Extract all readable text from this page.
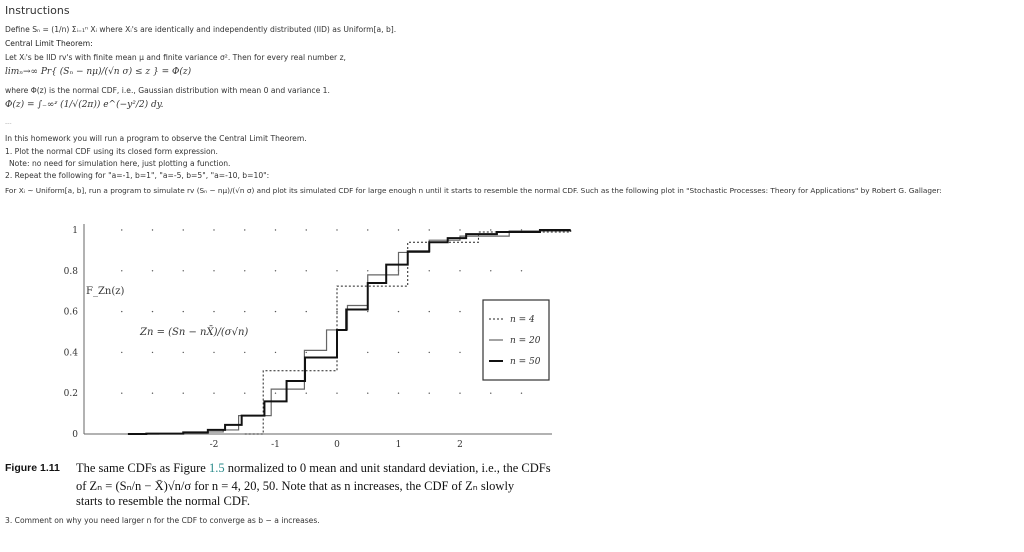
Instructions
Define Sₙ = (1/n) Σᵢ₌₁ⁿ Xᵢ where Xᵢ's are identically and independently distributed (IID) as Uniform[a, b].
Central Limit Theorem:
Let Xᵢ's be IID rv's with finite mean μ and finite variance σ². Then for every real number z,
limₙ→∞ Pr{ (Sₙ − nμ)/(√n σ) ≤ z } = Φ(z)
where Φ(z) is the normal CDF, i.e., Gaussian distribution with mean 0 and variance 1.
Φ(z) = ∫₋∞ᶻ (1/√(2π)) e^(−y²/2) dy.
---
In this homework you will run a program to observe the Central Limit Theorem.
1. Plot the normal CDF using its closed form expression.
Note: no need for simulation here, just plotting a function.
2. Repeat the following for "a=-1, b=1", "a=-5, b=5", "a=-10, b=10":
For Xᵢ ~ Uniform[a, b], run a program to simulate rv (Sₙ − nμ)/(√n σ) and plot its simulated CDF for large enough n until it starts to resemble the normal CDF. Such as the following plot in "Stochastic Processes: Theory for Applications" by Robert G. Gallager:
0
0.2
0.4
0.6
0.8
1
-2	-1	0	1	2
F_Zn(z)
Zn = (Sn − nX̄)/(σ√n)
n = 4
n = 20
n = 50
Figure 1.11 The same CDFs as Figure 1.5 normalized to 0 mean and unit standard deviation, i.e., the CDFs
of Zₙ = (Sₙ/n − X̄)√n/σ for n = 4, 20, 50. Note that as n increases, the CDF of Zₙ slowly
starts to resemble the normal CDF.
3. Comment on why you need larger n for the CDF to converge as b − a increases.
